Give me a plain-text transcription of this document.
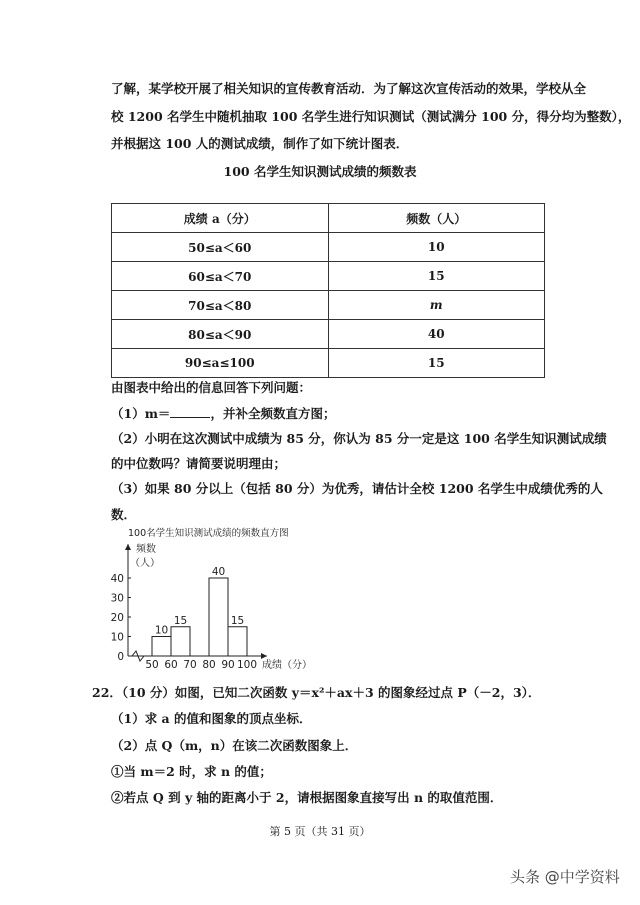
了解，某学校开展了相关知识的宣传教育活动．为了解这次宣传活动的效果，学校从全
校 1200 名学生中随机抽取 100 名学生进行知识测试（测试满分 100 分，得分均为整数），
并根据这 100 人的测试成绩，制作了如下统计图表．
100 名学生知识测试成绩的频数表
成绩 a（分）	频数（人）
50≤a＜60	10
60≤a＜70	15
70≤a＜80	m
80≤a＜90	40
90≤a≤100	15
由图表中给出的信息回答下列问题：
（1）m＝	，并补全频数直方图；
（2）小明在这次测试中成绩为 85 分，你认为 85 分一定是这 100 名学生知识测试成绩
的中位数吗？请简要说明理由；
（3）如果 80 分以上（包括 80 分）为优秀，请估计全校 1200 名学生中成绩优秀的人
数．
100名学生知识测试成绩的频数直方图
频数
（人）
0
10
20
30
40
50 60 70 80 90 100
10
15
40
15
成绩（分）
22．（10 分）如图，已知二次函数 y＝x²＋ax＋3 的图象经过点 P（－2，3）．
（1）求 a 的值和图象的顶点坐标．
（2）点 Q（m，n）在该二次函数图象上．
①当 m＝2 时，求 n 的值；
②若点 Q 到 y 轴的距离小于 2，请根据图象直接写出 n 的取值范围．
第 5 页（共 31 页）
头条 @中学资料
